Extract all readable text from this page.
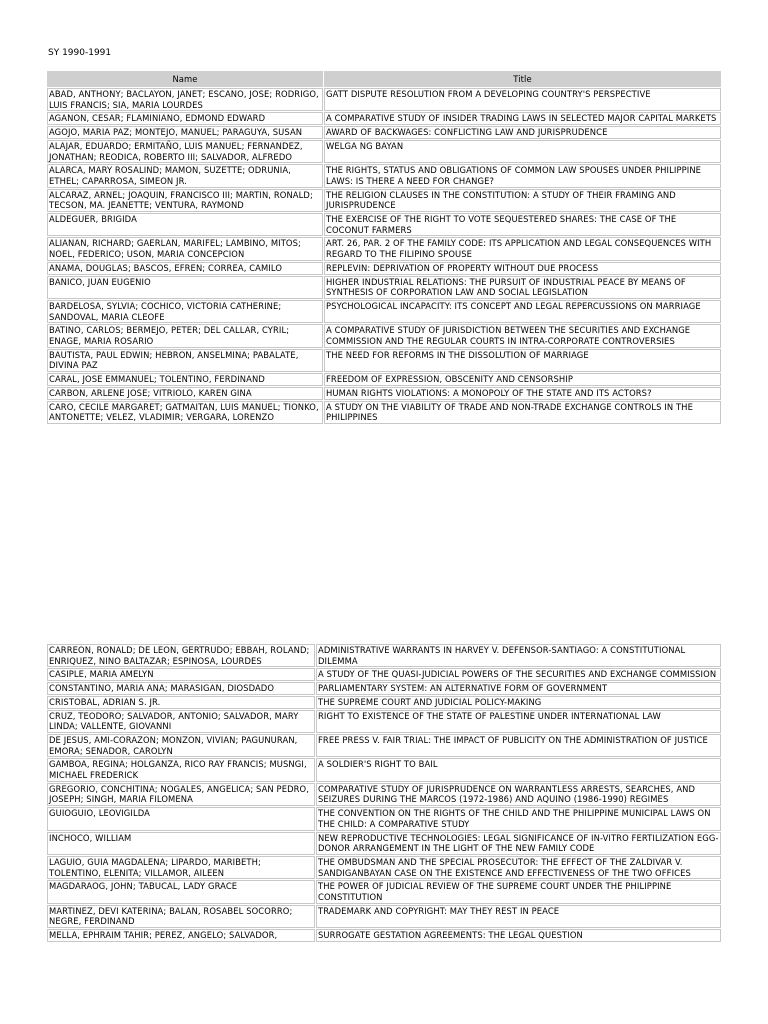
SY 1990-1991
Name	Title
ABAD, ANTHONY; BACLAYON, JANET; ESCANO, JOSE; RODRIGO, LUIS FRANCIS; SIA, MARIA LOURDES	GATT DISPUTE RESOLUTION FROM A DEVELOPING COUNTRY'S PERSPECTIVE
AGANON, CESAR; FLAMINIANO, EDMOND EDWARD	A COMPARATIVE STUDY OF INSIDER TRADING LAWS IN SELECTED MAJOR CAPITAL MARKETS
AGOJO, MARIA PAZ; MONTEJO, MANUEL; PARAGUYA, SUSAN	AWARD OF BACKWAGES: CONFLICTING LAW AND JURISPRUDENCE
ALAJAR, EDUARDO; ERMITAÑO, LUIS MANUEL; FERNANDEZ, JONATHAN; REODICA, ROBERTO III; SALVADOR, ALFREDO	WELGA NG BAYAN
ALARCA, MARY ROSALIND; MAMON, SUZETTE; ODRUNIA, ETHEL; CAPARROSA, SIMEON JR.	THE RIGHTS, STATUS AND OBLIGATIONS OF COMMON LAW SPOUSES UNDER PHILIPPINE LAWS: IS THERE A NEED FOR CHANGE?
ALCARAZ, ARNEL; JOAQUIN, FRANCISCO III; MARTIN, RONALD; TECSON, MA. JEANETTE; VENTURA, RAYMOND	THE RELIGION CLAUSES IN THE CONSTITUTION: A STUDY OF THEIR FRAMING AND JURISPRUDENCE
ALDEGUER, BRIGIDA	THE EXERCISE OF THE RIGHT TO VOTE SEQUESTERED SHARES: THE CASE OF THE COCONUT FARMERS
ALIANAN, RICHARD; GAERLAN, MARIFEL; LAMBINO, MITOS; NOEL, FEDERICO; USON, MARIA CONCEPCION	ART. 26, PAR. 2 OF THE FAMILY CODE: ITS APPLICATION AND LEGAL CONSEQUENCES WITH REGARD TO THE FILIPINO SPOUSE
ANAMA, DOUGLAS; BASCOS, EFREN; CORREA, CAMILO	REPLEVIN: DEPRIVATION OF PROPERTY WITHOUT DUE PROCESS
BANICO, JUAN EUGENIO	HIGHER INDUSTRIAL RELATIONS: THE PURSUIT OF INDUSTRIAL PEACE BY MEANS OF SYNTHESIS OF CORPORATION LAW AND SOCIAL LEGISLATION
BARDELOSA, SYLVIA; COCHICO, VICTORIA CATHERINE; SANDOVAL, MARIA CLEOFE	PSYCHOLOGICAL INCAPACITY: ITS CONCEPT AND LEGAL REPERCUSSIONS ON MARRIAGE
BATINO, CARLOS; BERMEJO, PETER; DEL CALLAR, CYRIL; ENAGE, MARIA ROSARIO	A COMPARATIVE STUDY OF JURISDICTION BETWEEN THE SECURITIES AND EXCHANGE COMMISSION AND THE REGULAR COURTS IN INTRA-CORPORATE CONTROVERSIES
BAUTISTA, PAUL EDWIN; HEBRON, ANSELMINA; PABALATE, DIVINA PAZ	THE NEED FOR REFORMS IN THE DISSOLUTION OF MARRIAGE
CARAL, JOSE EMMANUEL; TOLENTINO, FERDINAND	FREEDOM OF EXPRESSION, OBSCENITY AND CENSORSHIP
CARBON, ARLENE JOSE; VITRIOLO, KAREN GINA	HUMAN RIGHTS VIOLATIONS: A MONOPOLY OF THE STATE AND ITS ACTORS?
CARO, CECILE MARGARET; GATMAITAN, LUIS MANUEL; TIONKO, ANTONETTE; VELEZ, VLADIMIR; VERGARA, LORENZO	A STUDY ON THE VIABILITY OF TRADE AND NON-TRADE EXCHANGE CONTROLS IN THE PHILIPPINES
CARREON, RONALD; DE LEON, GERTRUDO; EBBAH, ROLAND; ENRIQUEZ, NINO BALTAZAR; ESPINOSA, LOURDES	ADMINISTRATIVE WARRANTS IN HARVEY V. DEFENSOR-SANTIAGO: A CONSTITUTIONAL DILEMMA
CASIPLE, MARIA AMELYN	A STUDY OF THE QUASI-JUDICIAL POWERS OF THE SECURITIES AND EXCHANGE COMMISSION
CONSTANTINO, MARIA ANA; MARASIGAN, DIOSDADO	PARLIAMENTARY SYSTEM: AN ALTERNATIVE FORM OF GOVERNMENT
CRISTOBAL, ADRIAN S. JR.	THE SUPREME COURT AND JUDICIAL POLICY-MAKING
CRUZ, TEODORO; SALVADOR, ANTONIO; SALVADOR, MARY LINDA; VALLENTE, GIOVANNI	RIGHT TO EXISTENCE OF THE STATE OF PALESTINE UNDER INTERNATIONAL LAW
DE JESUS, AMI-CORAZON; MONZON, VIVIAN; PAGUNURAN, EMORA; SENADOR, CAROLYN	FREE PRESS V. FAIR TRIAL: THE IMPACT OF PUBLICITY ON THE ADMINISTRATION OF JUSTICE
GAMBOA, REGINA; HOLGANZA, RICO RAY FRANCIS; MUSNGI, MICHAEL FREDERICK	A SOLDIER'S RIGHT TO BAIL
GREGORIO, CONCHITINA; NOGALES, ANGELICA; SAN PEDRO, JOSEPH; SINGH, MARIA FILOMENA	COMPARATIVE STUDY OF JURISPRUDENCE ON WARRANTLESS ARRESTS, SEARCHES, AND SEIZURES DURING THE MARCOS (1972-1986) AND AQUINO (1986-1990) REGIMES
GUIOGUIO, LEOVIGILDA	THE CONVENTION ON THE RIGHTS OF THE CHILD AND THE PHILIPPINE MUNICIPAL LAWS ON THE CHILD: A COMPARATIVE STUDY
INCHOCO, WILLIAM	NEW REPRODUCTIVE TECHNOLOGIES: LEGAL SIGNIFICANCE OF IN-VITRO FERTILIZATION EGG-DONOR ARRANGEMENT IN THE LIGHT OF THE NEW FAMILY CODE
LAGUIO, GUIA MAGDALENA; LIPARDO, MARIBETH; TOLENTINO, ELENITA; VILLAMOR, AILEEN	THE OMBUDSMAN AND THE SPECIAL PROSECUTOR: THE EFFECT OF THE ZALDIVAR V. SANDIGANBAYAN CASE ON THE EXISTENCE AND EFFECTIVENESS OF THE TWO OFFICES
MAGDARAOG, JOHN; TABUCAL, LADY GRACE	THE POWER OF JUDICIAL REVIEW OF THE SUPREME COURT UNDER THE PHILIPPINE CONSTITUTION
MARTINEZ, DEVI KATERINA; BALAN, ROSABEL SOCORRO; NEGRE, FERDINAND	TRADEMARK AND COPYRIGHT: MAY THEY REST IN PEACE
MELLA, EPHRAIM TAHIR; PEREZ, ANGELO; SALVADOR,	SURROGATE GESTATION AGREEMENTS: THE LEGAL QUESTION
